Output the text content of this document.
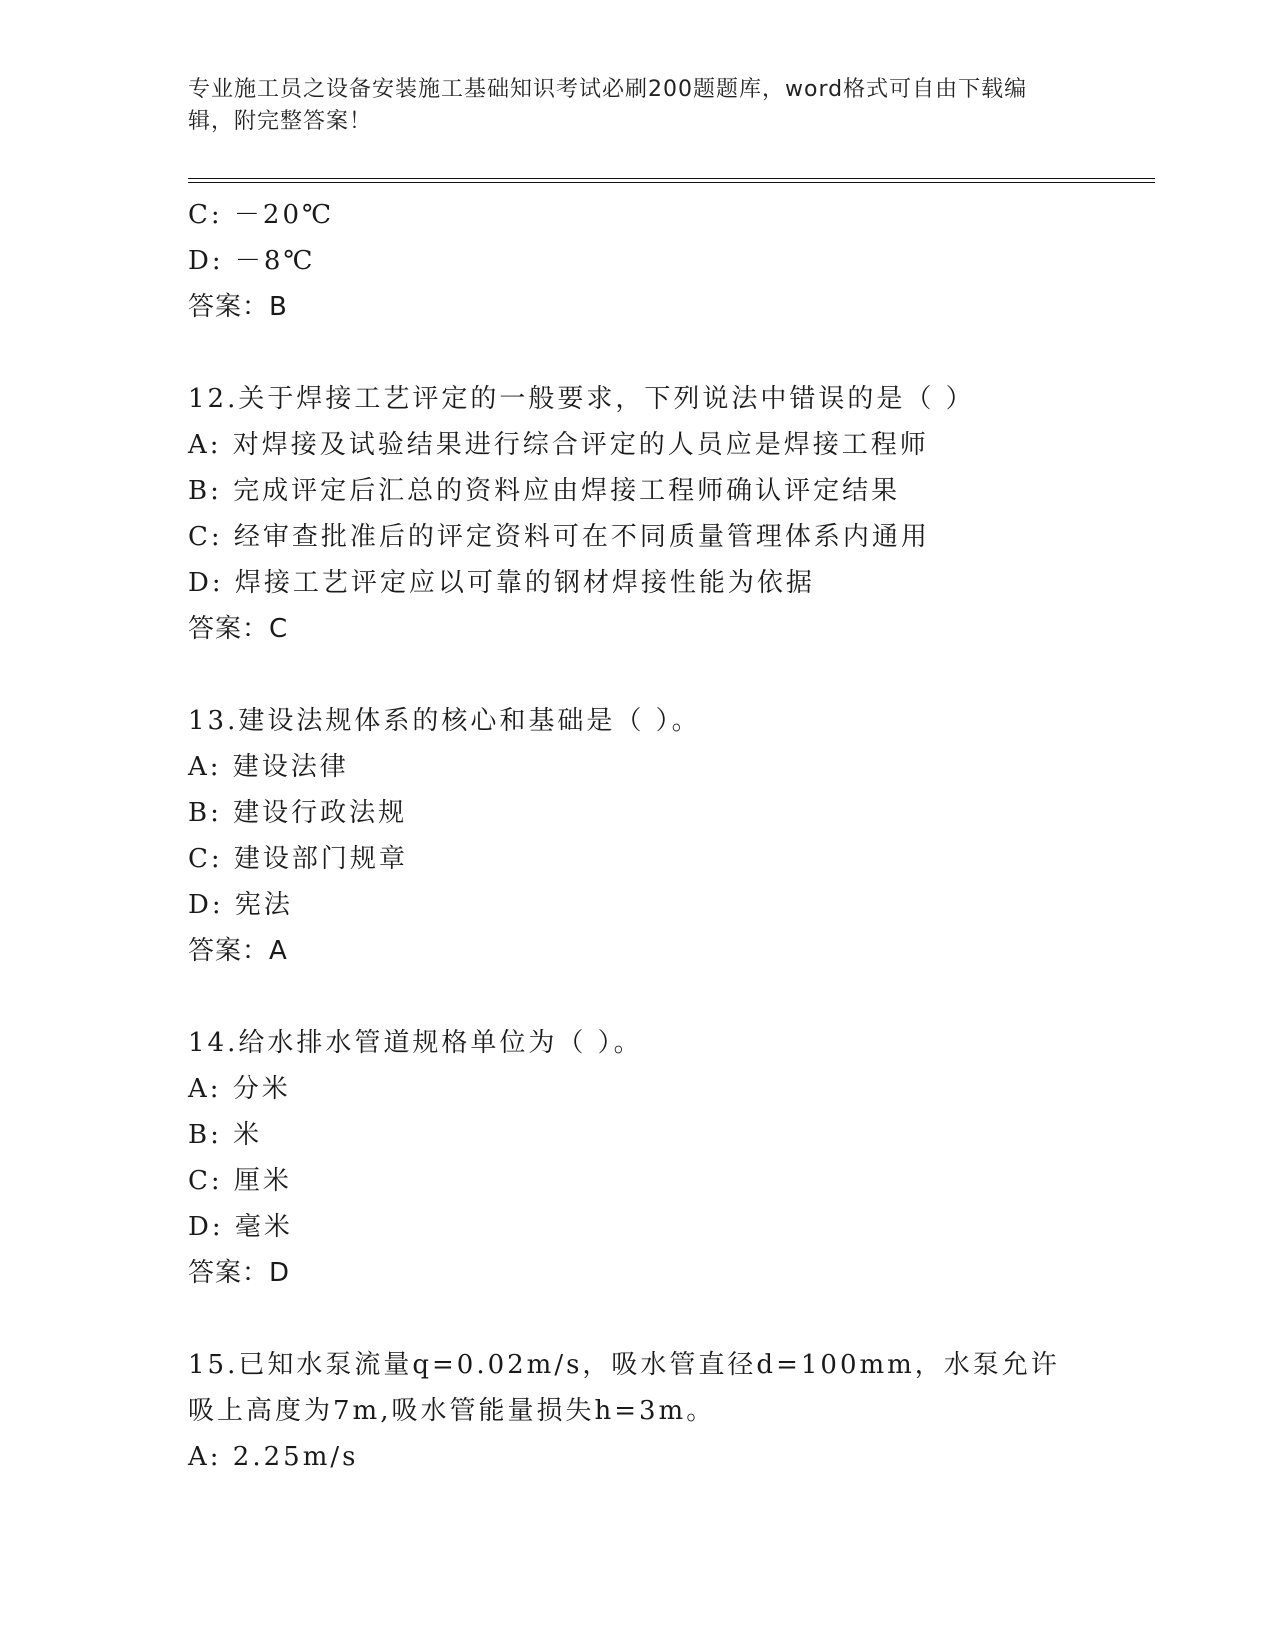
专业施工员之设备安装施工基础知识考试必刷200题题库，word格式可自由下载编辑，附完整答案！
C: －20℃
D: －8℃
答案：B
12.关于焊接工艺评定的一般要求，下列说法中错误的是（ ）
A: 对焊接及试验结果进行综合评定的人员应是焊接工程师
B: 完成评定后汇总的资料应由焊接工程师确认评定结果
C: 经审查批准后的评定资料可在不同质量管理体系内通用
D: 焊接工艺评定应以可靠的钢材焊接性能为依据
答案：C
13.建设法规体系的核心和基础是（ ）。
A: 建设法律
B: 建设行政法规
C: 建设部门规章
D: 宪法
答案：A
14.给水排水管道规格单位为（ ）。
A: 分米
B: 米
C: 厘米
D: 毫米
答案：D
15.已知水泵流量q=0.02m/s，吸水管直径d=100mm，水泵允许吸上高度为7m,吸水管能量损失h=3m。
A: 2.25m/s
